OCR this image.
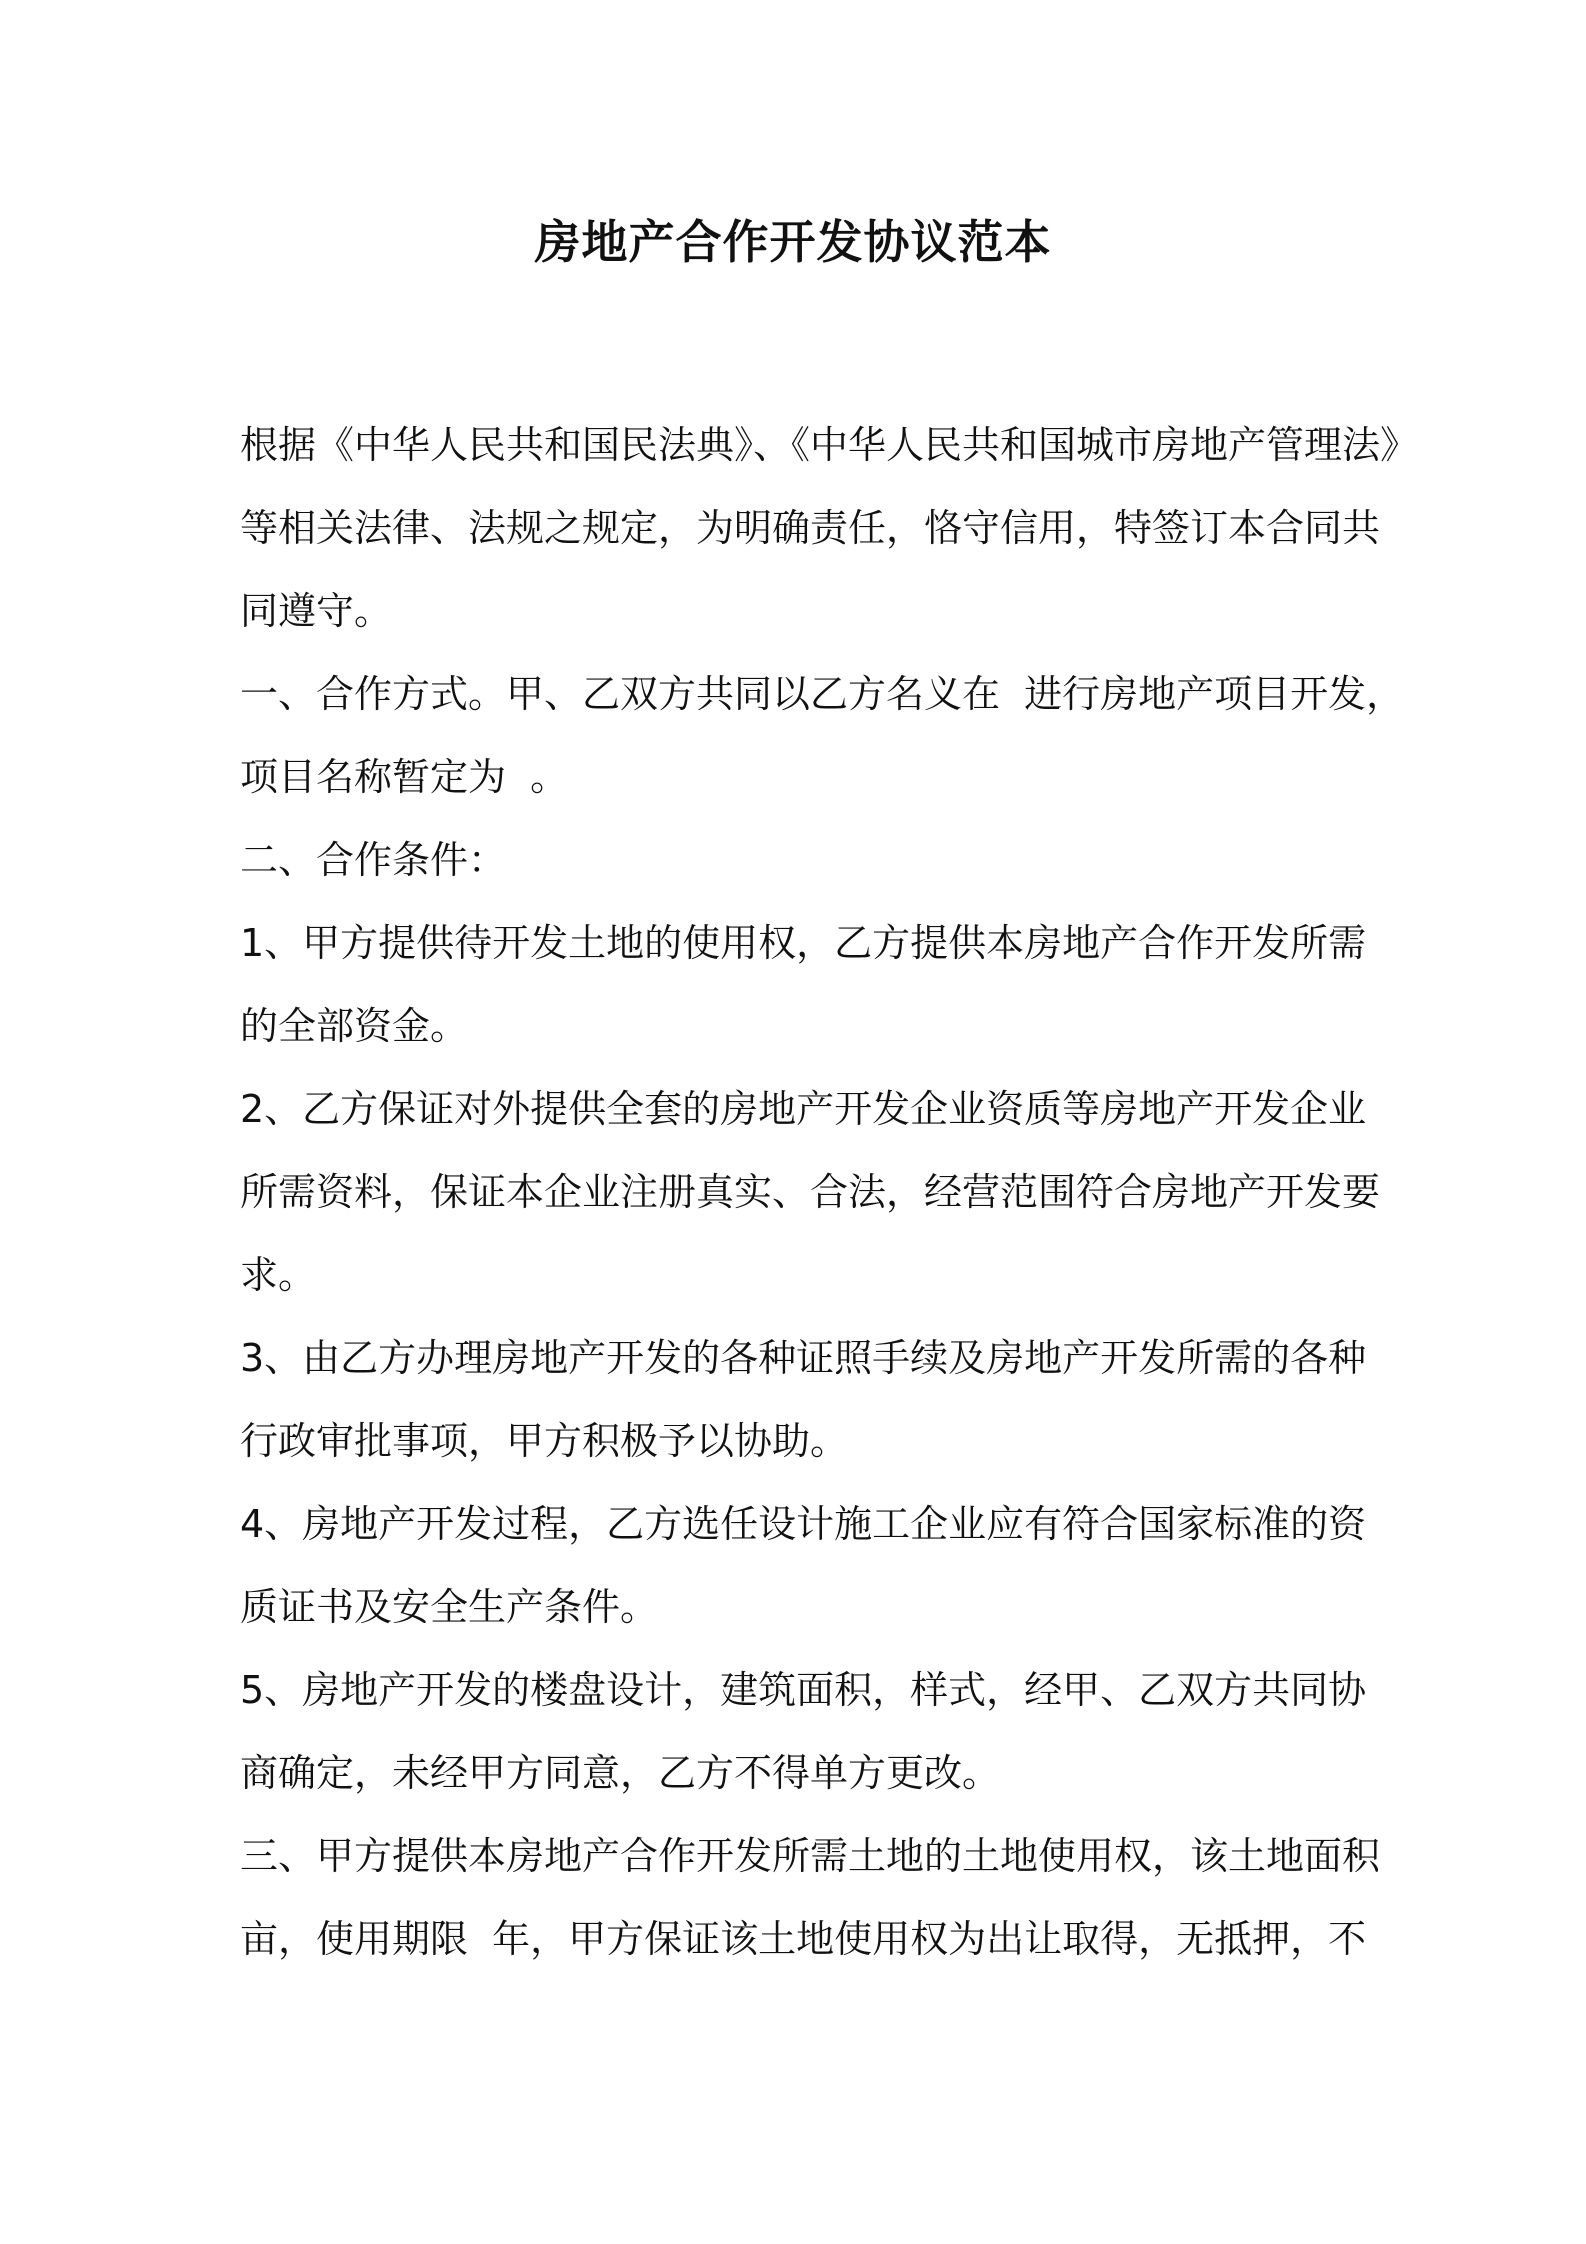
房地产合作开发协议范本
根据《中华人民共和国民法典》、《中华人民共和国城市房地产管理法》
等相关法律、法规之规定，为明确责任，恪守信用，特签订本合同共
同遵守。
一、合作方式。甲、乙双方共同以乙方名义在  进行房地产项目开发，
项目名称暂定为  。
二、合作条件：
1、甲方提供待开发土地的使用权，乙方提供本房地产合作开发所需
的全部资金。
2、乙方保证对外提供全套的房地产开发企业资质等房地产开发企业
所需资料，保证本企业注册真实、合法，经营范围符合房地产开发要
求。
3、由乙方办理房地产开发的各种证照手续及房地产开发所需的各种
行政审批事项，甲方积极予以协助。
4、房地产开发过程，乙方选任设计施工企业应有符合国家标准的资
质证书及安全生产条件。
5、房地产开发的楼盘设计，建筑面积，样式，经甲、乙双方共同协
商确定，未经甲方同意，乙方不得单方更改。
三、甲方提供本房地产合作开发所需土地的土地使用权，该土地面积
亩，使用期限  年，甲方保证该土地使用权为出让取得，无抵押，不
